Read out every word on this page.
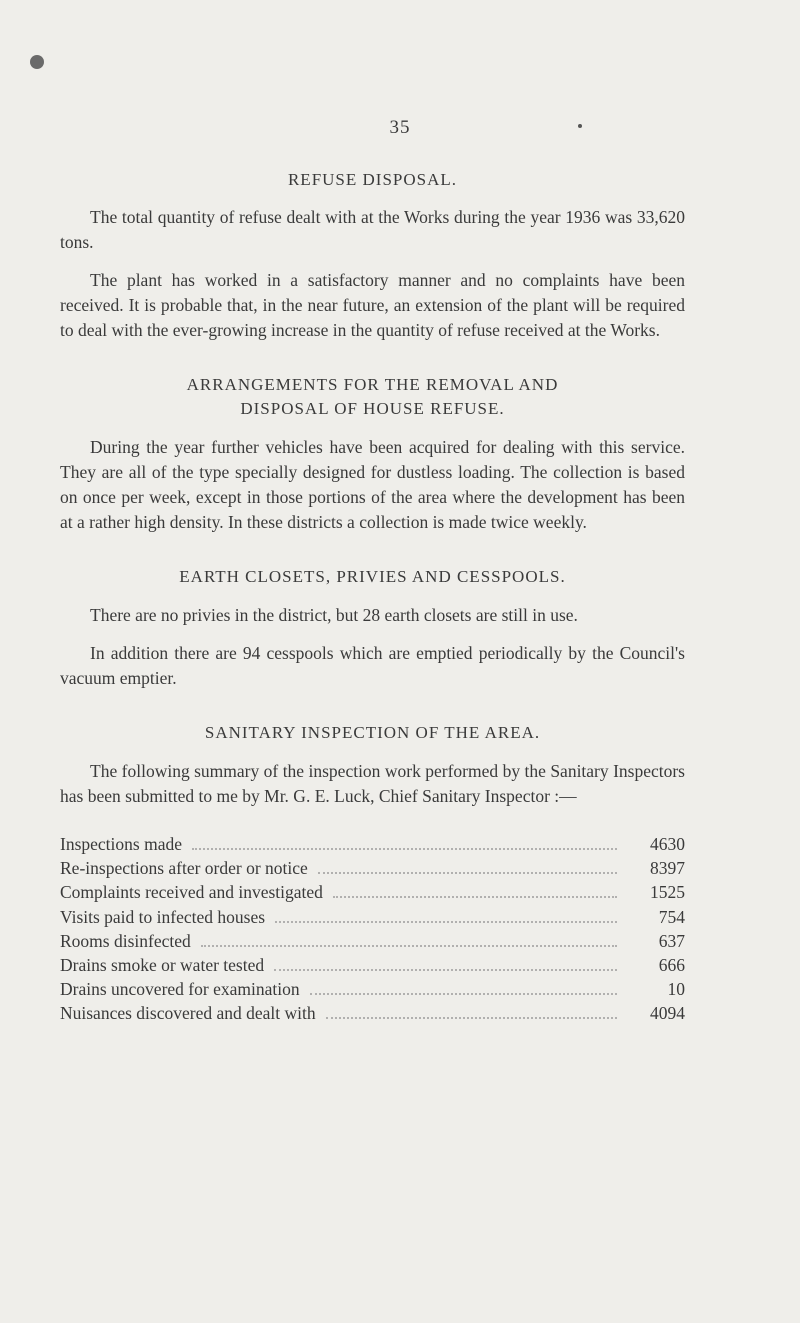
35
REFUSE DISPOSAL.

The total quantity of refuse dealt with at the Works during the year 1936 was 33,620 tons.

The plant has worked in a satisfactory manner and no complaints have been received. It is probable that, in the near future, an extension of the plant will be required to deal with the ever-growing increase in the quantity of refuse received at the Works.

ARRANGEMENTS FOR THE REMOVAL AND
DISPOSAL OF HOUSE REFUSE.

During the year further vehicles have been acquired for dealing with this service. They are all of the type specially designed for dustless loading. The collection is based on once per week, except in those portions of the area where the development has been at a rather high density. In these districts a collection is made twice weekly.

EARTH CLOSETS, PRIVIES AND CESSPOOLS.

There are no privies in the district, but 28 earth closets are still in use.

In addition there are 94 cesspools which are emptied periodically by the Council's vacuum emptier.

SANITARY INSPECTION OF THE AREA.

The following summary of the inspection work performed by the Sanitary Inspectors has been submitted to me by Mr. G. E. Luck, Chief Sanitary Inspector :—

Inspections made	4630
Re-inspections after order or notice	8397
Complaints received and investigated	1525
Visits paid to infected houses	754
Rooms disinfected	637
Drains smoke or water tested	666
Drains uncovered for examination	10
Nuisances discovered and dealt with	4094
